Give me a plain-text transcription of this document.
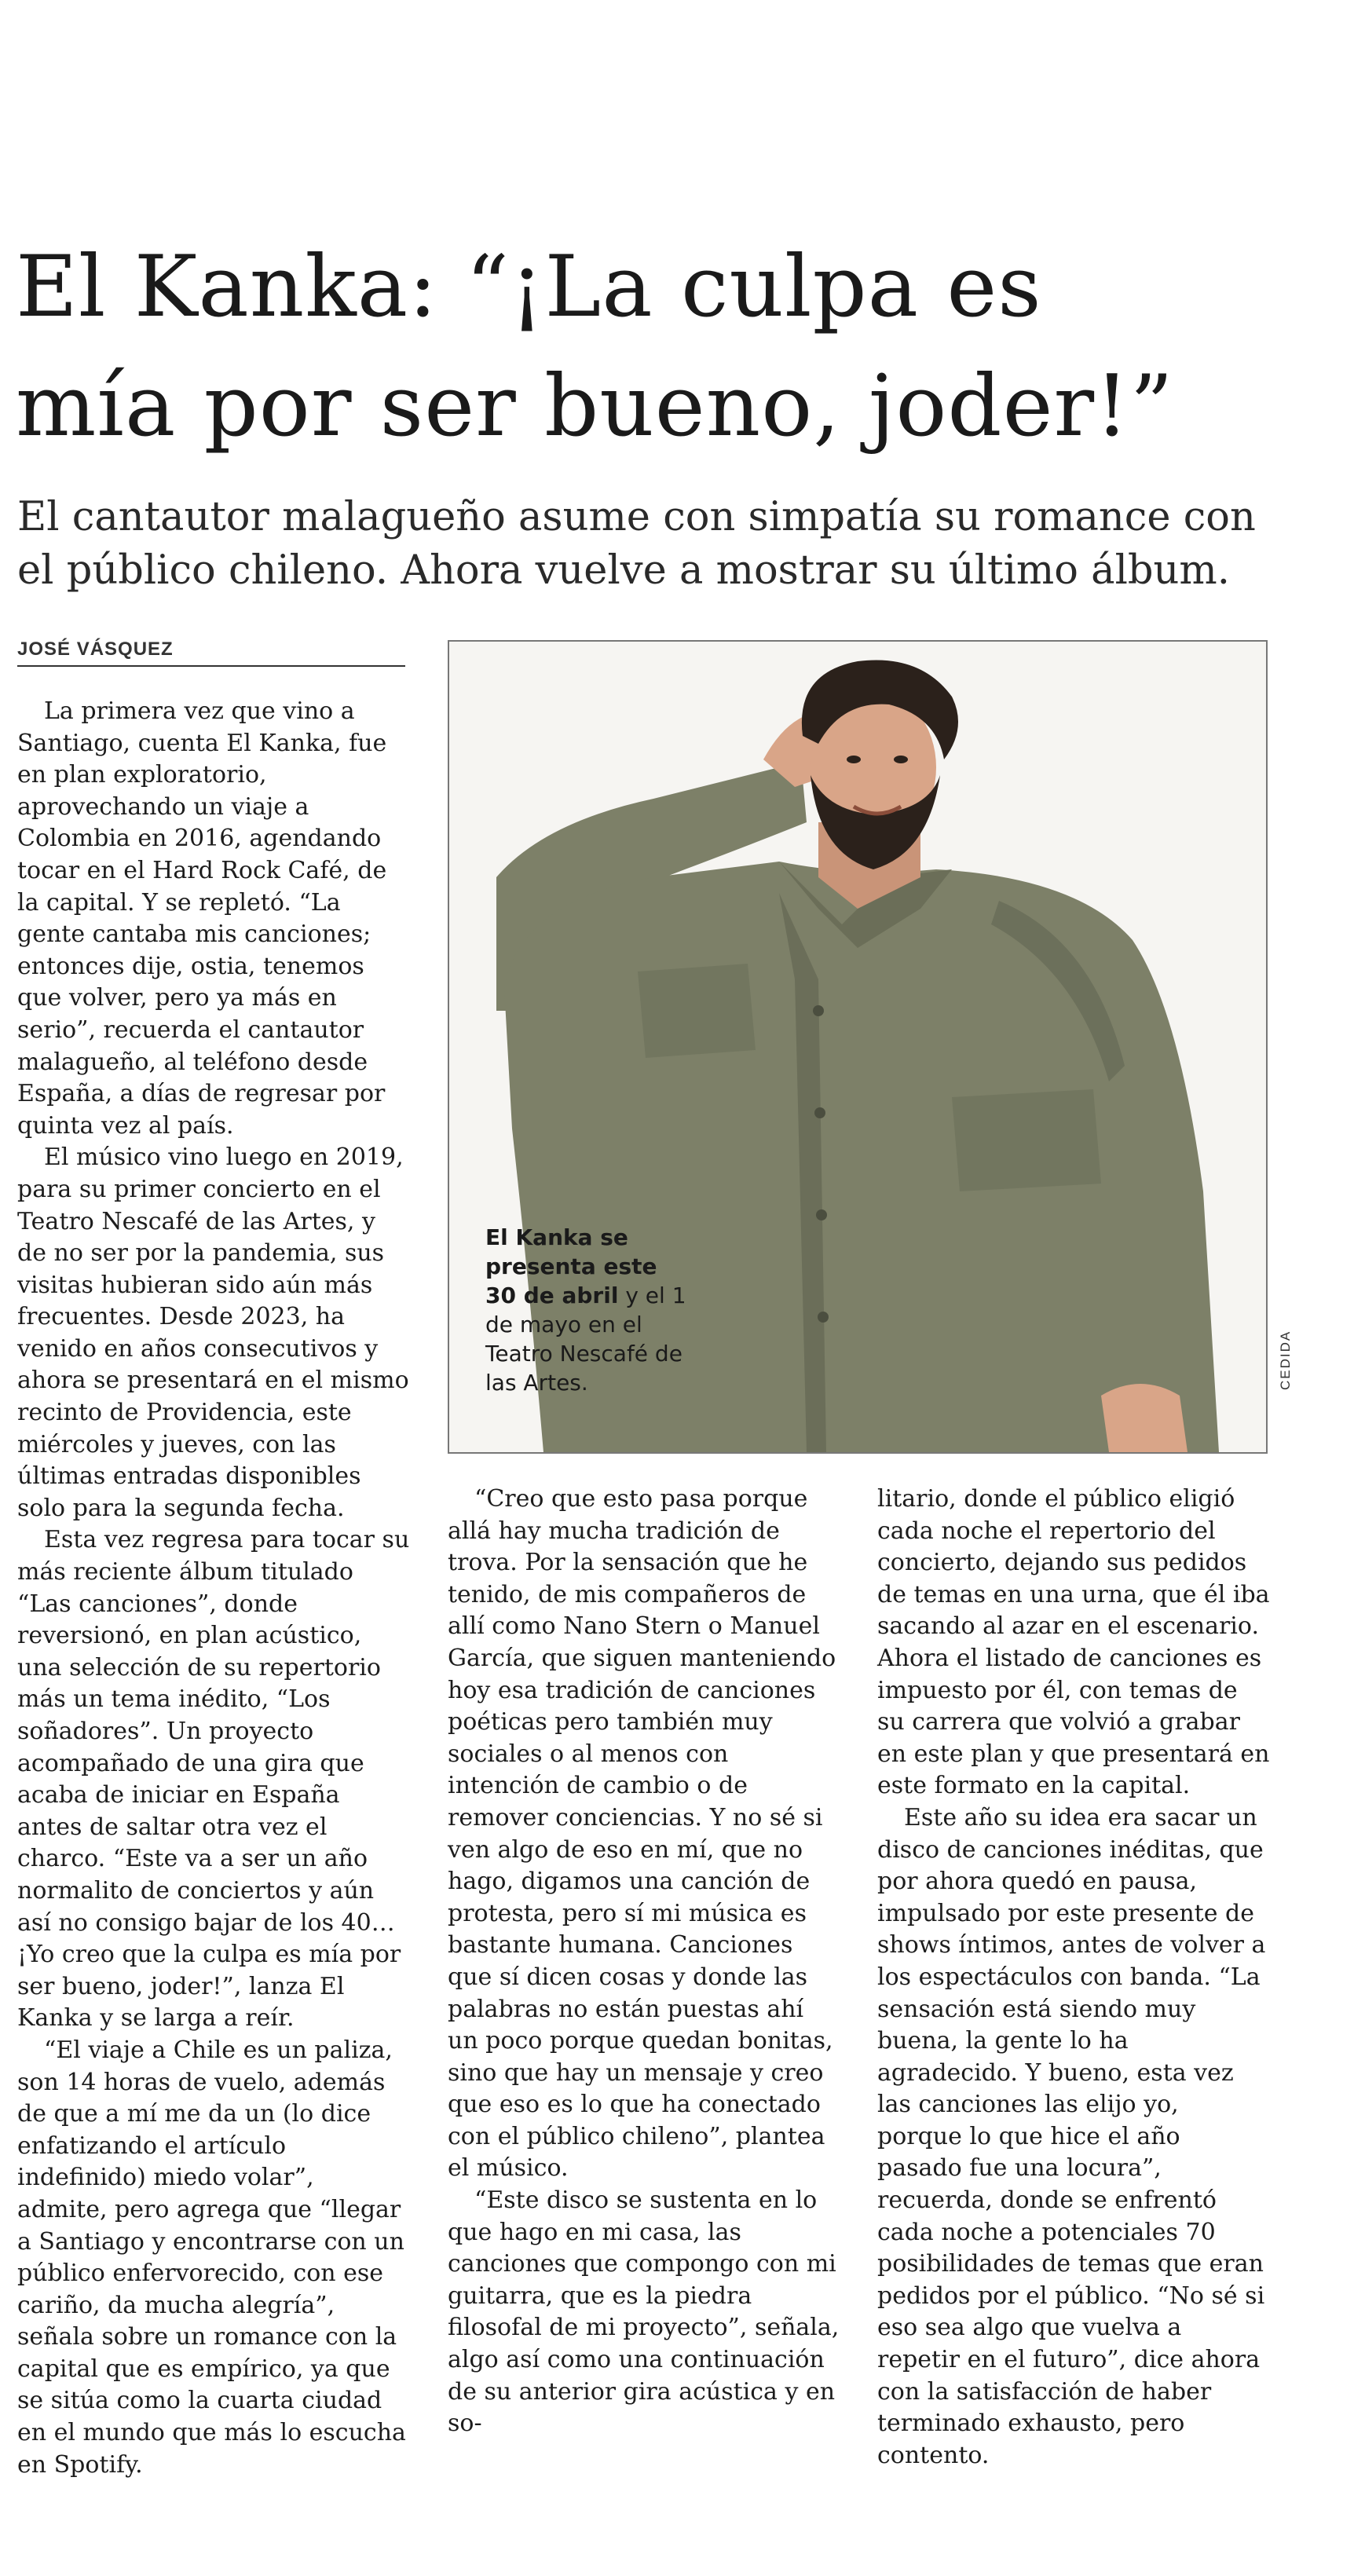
El Kanka: “¡La culpa es
mía por ser bueno, joder!”
El cantautor malagueño asume con simpatía su romance con
el público chileno. Ahora vuelve a mostrar su último álbum.
JOSÉ VÁSQUEZ

La primera vez que vino a Santiago, cuenta El Kanka, fue en plan exploratorio, aprovechando un viaje a Colombia en 2016, agendando tocar en el Hard Rock Café, de la capital. Y se repletó. “La gente cantaba mis canciones; entonces dije, ostia, tenemos que volver, pero ya más en serio”, recuerda el cantautor malagueño, al teléfono desde España, a días de regresar por quinta vez al país.

El músico vino luego en 2019, para su primer concierto en el Teatro Nescafé de las Artes, y de no ser por la pandemia, sus visitas hubieran sido aún más frecuentes. Desde 2023, ha venido en años consecutivos y ahora se presentará en el mismo recinto de Providencia, este miércoles y jueves, con las últimas entradas disponibles solo para la segunda fecha.

Esta vez regresa para tocar su más reciente álbum titulado “Las canciones”, donde reversionó, en plan acústico, una selección de su repertorio más un tema inédito, “Los soñadores”. Un proyecto acompañado de una gira que acaba de iniciar en España antes de saltar otra vez el charco. “Este va a ser un año normalito de conciertos y aún así no consigo bajar de los 40… ¡Yo creo que la culpa es mía por ser bueno, joder!”, lanza El Kanka y se larga a reír.

“El viaje a Chile es un paliza, son 14 horas de vuelo, además de que a mí me da un (lo dice enfatizando el artículo indefinido) miedo volar”, admite, pero agrega que “llegar a Santiago y encontrarse con un público enfervorecido, con ese cariño, da mucha alegría”, señala sobre un romance con la capital que es empírico, ya que se sitúa como la cuarta ciudad en el mundo que más lo escucha en Spotify.

El Kanka se presenta este 30 de abril y el 1 de mayo en el Teatro Nescafé de las Artes.	CEDIDA

“Creo que esto pasa porque allá hay mucha tradición de trova. Por la sensación que he tenido, de mis compañeros de allí como Nano Stern o Manuel García, que siguen manteniendo hoy esa tradición de canciones poéticas pero también muy sociales o al menos con intención de cambio o de remover conciencias. Y no sé si ven algo de eso en mí, que no hago, digamos una canción de protesta, pero sí mi música es bastante humana. Canciones que sí dicen cosas y donde las palabras no están puestas ahí un poco porque quedan bonitas, sino que hay un mensaje y creo que eso es lo que ha conectado con el público chileno”, plantea el músico.

“Este disco se sustenta en lo que hago en mi casa, las canciones que compongo con mi guitarra, que es la piedra filosofal de mi proyecto”, señala, algo así como una continuación de su anterior gira acústica y en so-

litario, donde el público eligió cada noche el repertorio del concierto, dejando sus pedidos de temas en una urna, que él iba sacando al azar en el escenario. Ahora el listado de canciones es impuesto por él, con temas de su carrera que volvió a grabar en este plan y que presentará en este formato en la capital.

Este año su idea era sacar un disco de canciones inéditas, que por ahora quedó en pausa, impulsado por este presente de shows íntimos, antes de volver a los espectáculos con banda. “La sensación está siendo muy buena, la gente lo ha agradecido. Y bueno, esta vez las canciones las elijo yo, porque lo que hice el año pasado fue una locura”, recuerda, donde se enfrentó cada noche a potenciales 70 posibilidades de temas que eran pedidos por el público. “No sé si eso sea algo que vuelva a repetir en el futuro”, dice ahora con la satisfacción de haber terminado exhausto, pero contento.
